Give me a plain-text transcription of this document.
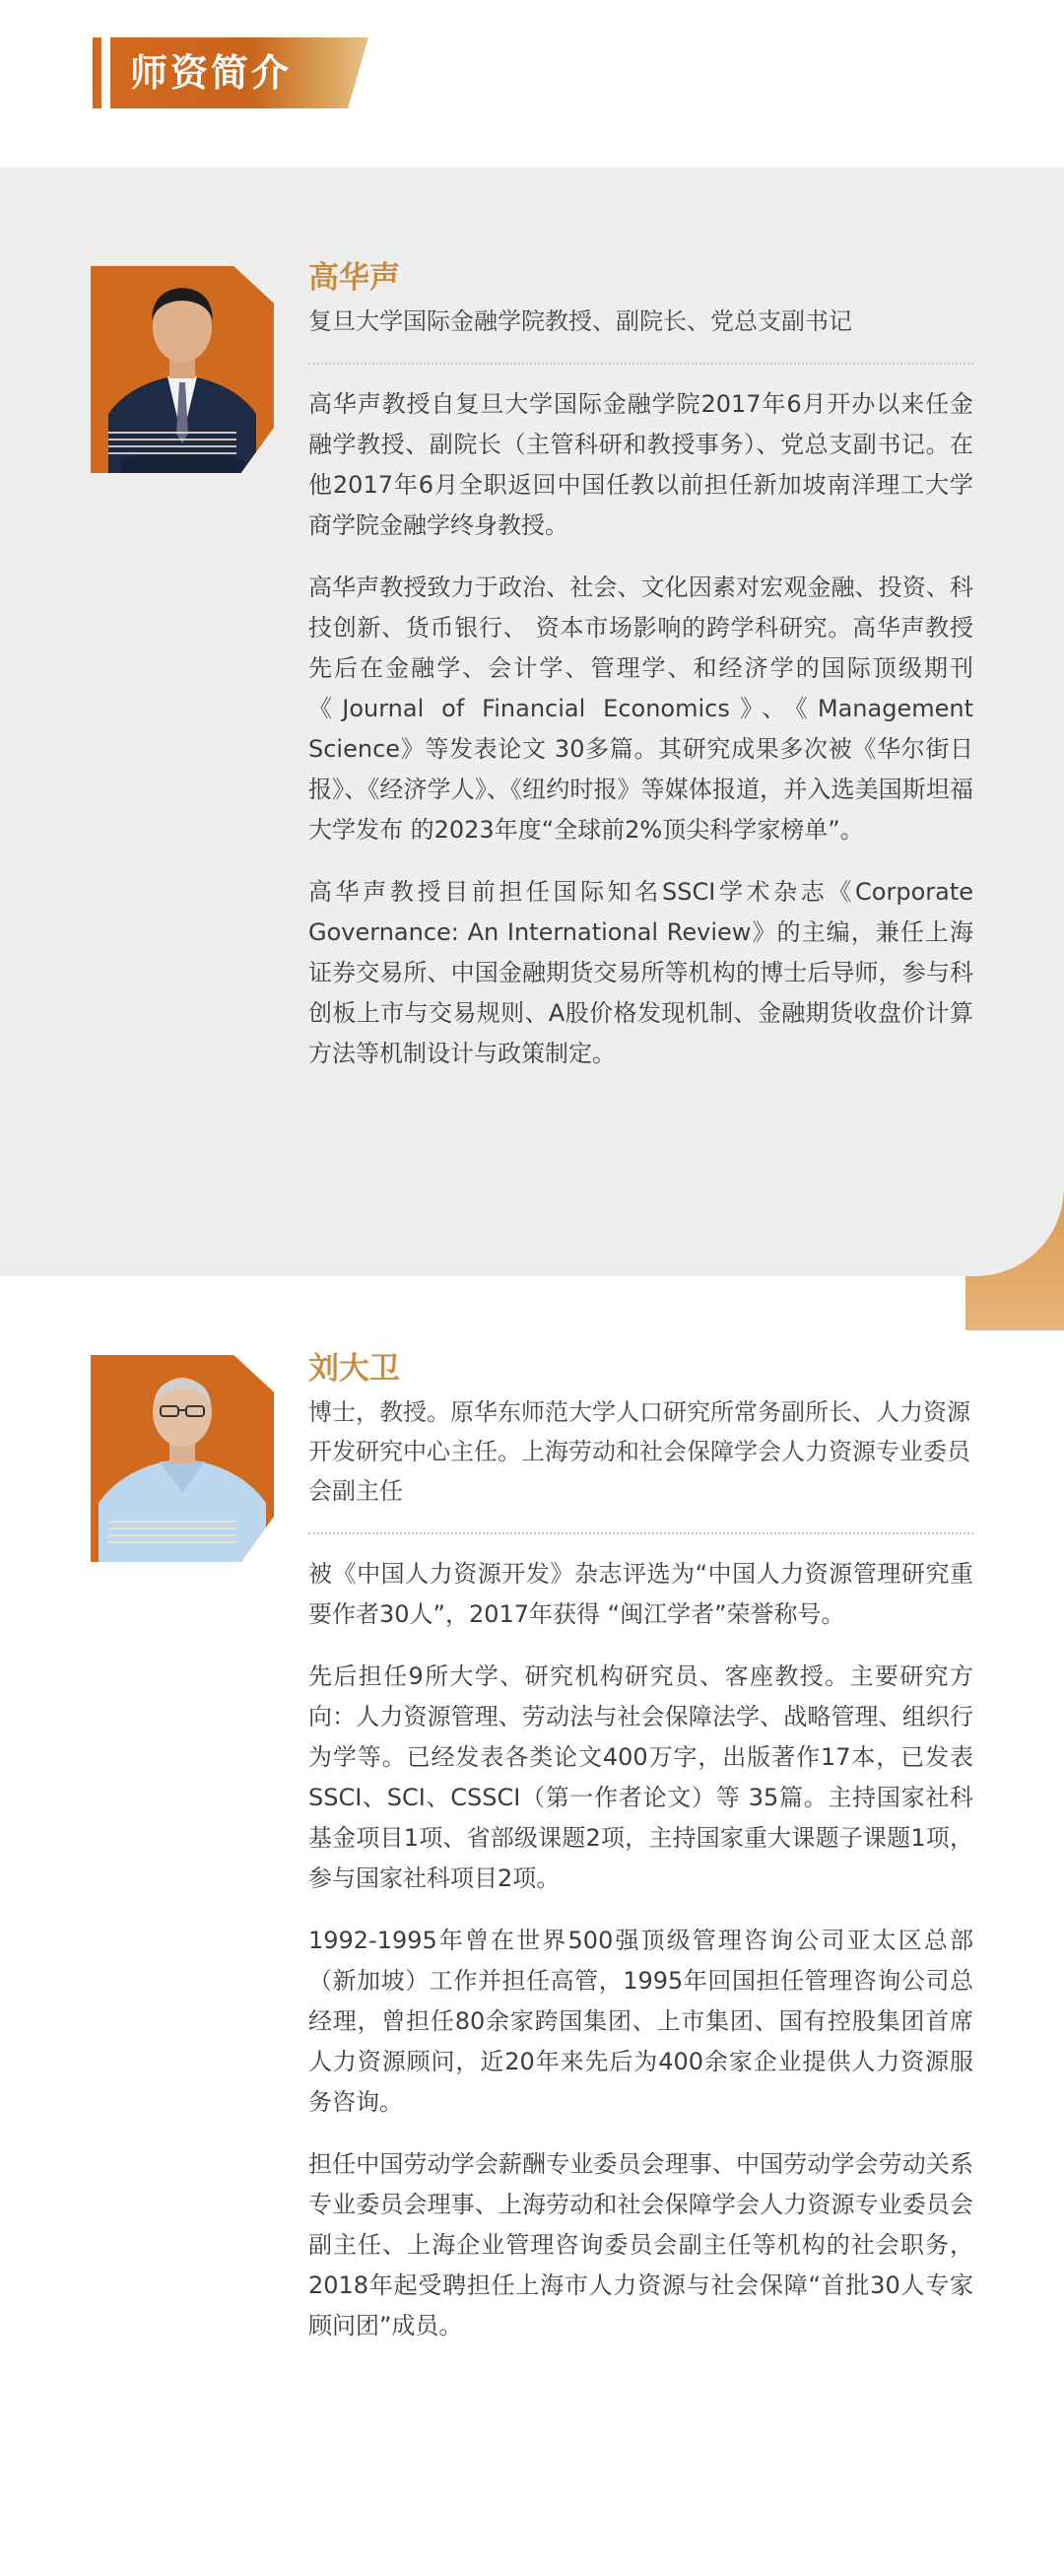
师资简介
高华声
复旦大学国际金融学院教授、副院长、党总支副书记

高华声教授自复旦大学国际金融学院2017年6月开办以来任金融学教授、副院长（主管科研和教授事务）、党总支副书记。在他2017年6月全职返回中国任教以前担任新加坡南洋理工大学商学院金融学终身教授。

高华声教授致力于政治、社会、文化因素对宏观金融、投资、科技创新、货币银行、 资本市场影响的跨学科研究。高华声教授先后在金融学、会计学、管理学、和经济学的国际顶级期刊《Journal of Financial Economics》、《Management Science》等发表论文 30多篇。其研究成果多次被《华尔街日报》、《经济学人》、《纽约时报》等媒体报道，并入选美国斯坦福大学发布 的2023年度“全球前2%顶尖科学家榜单”。

高华声教授目前担任国际知名SSCI学术杂志《Corporate Governance: An International Review》的主编，兼任上海证券交易所、中国金融期货交易所等机构的博士后导师，参与科创板上市与交易规则、A股价格发现机制、金融期货收盘价计算方法等机制设计与政策制定。

刘大卫
博士，教授。原华东师范大学人口研究所常务副所长、人力资源开发研究中心主任。上海劳动和社会保障学会人力资源专业委员会副主任

被《中国人力资源开发》杂志评选为“中国人力资源管理研究重要作者30人”，2017年获得 “闽江学者”荣誉称号。

先后担任9所大学、研究机构研究员、客座教授。主要研究方向：人力资源管理、劳动法与社会保障法学、战略管理、组织行为学等。已经发表各类论文400万字，出版著作17本，已发表SSCI、SCI、CSSCI（第一作者论文）等 35篇。主持国家社科基金项目1项、省部级课题2项，主持国家重大课题子课题1项，参与国家社科项目2项。

1992-1995年曾在世界500强顶级管理咨询公司亚太区总部（新加坡）工作并担任高管，1995年回国担任管理咨询公司总经理，曾担任80余家跨国集团、上市集团、国有控股集团首席人力资源顾问，近20年来先后为400余家企业提供人力资源服务咨询。

担任中国劳动学会薪酬专业委员会理事、中国劳动学会劳动关系专业委员会理事、上海劳动和社会保障学会人力资源专业委员会副主任、上海企业管理咨询委员会副主任等机构的社会职务，2018年起受聘担任上海市人力资源与社会保障“首批30人专家顾问团”成员。
